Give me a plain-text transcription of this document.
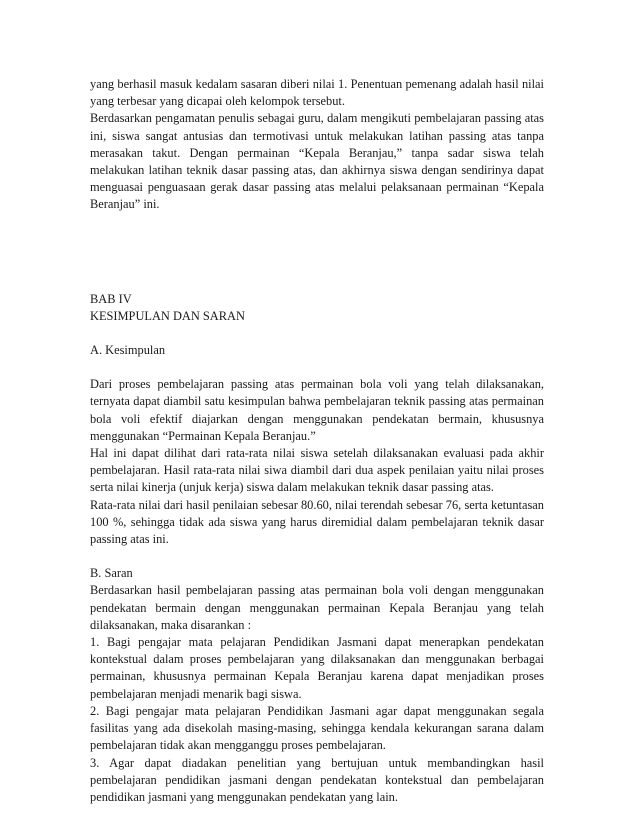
yang berhasil masuk kedalam sasaran diberi nilai 1. Penentuan pemenang adalah hasil nilai yang terbesar yang dicapai oleh kelompok tersebut.

Berdasarkan pengamatan penulis sebagai guru, dalam mengikuti pembelajaran passing atas ini, siswa sangat antusias dan termotivasi untuk melakukan latihan passing atas tanpa merasakan takut. Dengan permainan “Kepala Beranjau,” tanpa sadar siswa telah melakukan latihan teknik dasar passing atas, dan akhirnya siswa dengan sendirinya dapat menguasai penguasaan gerak dasar passing atas melalui pelaksanaan permainan “Kepala Beranjau” ini.

BAB IV

KESIMPULAN DAN SARAN

A. Kesimpulan

Dari proses pembelajaran passing atas permainan bola voli yang telah dilaksanakan, ternyata dapat diambil satu kesimpulan bahwa pembelajaran teknik passing atas permainan bola voli efektif diajarkan dengan menggunakan pendekatan bermain, khususnya menggunakan “Permainan Kepala Beranjau.”

Hal ini dapat dilihat dari rata-rata nilai siswa setelah dilaksanakan evaluasi pada akhir pembelajaran. Hasil rata-rata nilai siwa diambil dari dua aspek penilaian yaitu nilai proses serta nilai kinerja (unjuk kerja) siswa dalam melakukan teknik dasar passing atas.

Rata-rata nilai dari hasil penilaian sebesar 80.60, nilai terendah sebesar 76, serta ketuntasan 100 %, sehingga tidak ada siswa yang harus diremidial dalam pembelajaran teknik dasar passing atas ini.

B. Saran

Berdasarkan hasil pembelajaran passing atas permainan bola voli dengan menggunakan pendekatan bermain dengan menggunakan permainan Kepala Beranjau yang telah dilaksanakan, maka disarankan :

1. Bagi pengajar mata pelajaran Pendidikan Jasmani dapat menerapkan pendekatan kontekstual dalam proses pembelajaran yang dilaksanakan dan menggunakan berbagai permainan, khususnya permainan Kepala Beranjau karena dapat menjadikan proses pembelajaran menjadi menarik bagi siswa.

2. Bagi pengajar mata pelajaran Pendidikan Jasmani agar dapat menggunakan segala fasilitas yang ada disekolah masing-masing, sehingga kendala kekurangan sarana dalam pembelajaran tidak akan mengganggu proses pembelajaran.

3. Agar dapat diadakan penelitian yang bertujuan untuk membandingkan hasil pembelajaran pendidikan jasmani dengan pendekatan kontekstual dan pembelajaran pendidikan jasmani yang menggunakan pendekatan yang lain.
